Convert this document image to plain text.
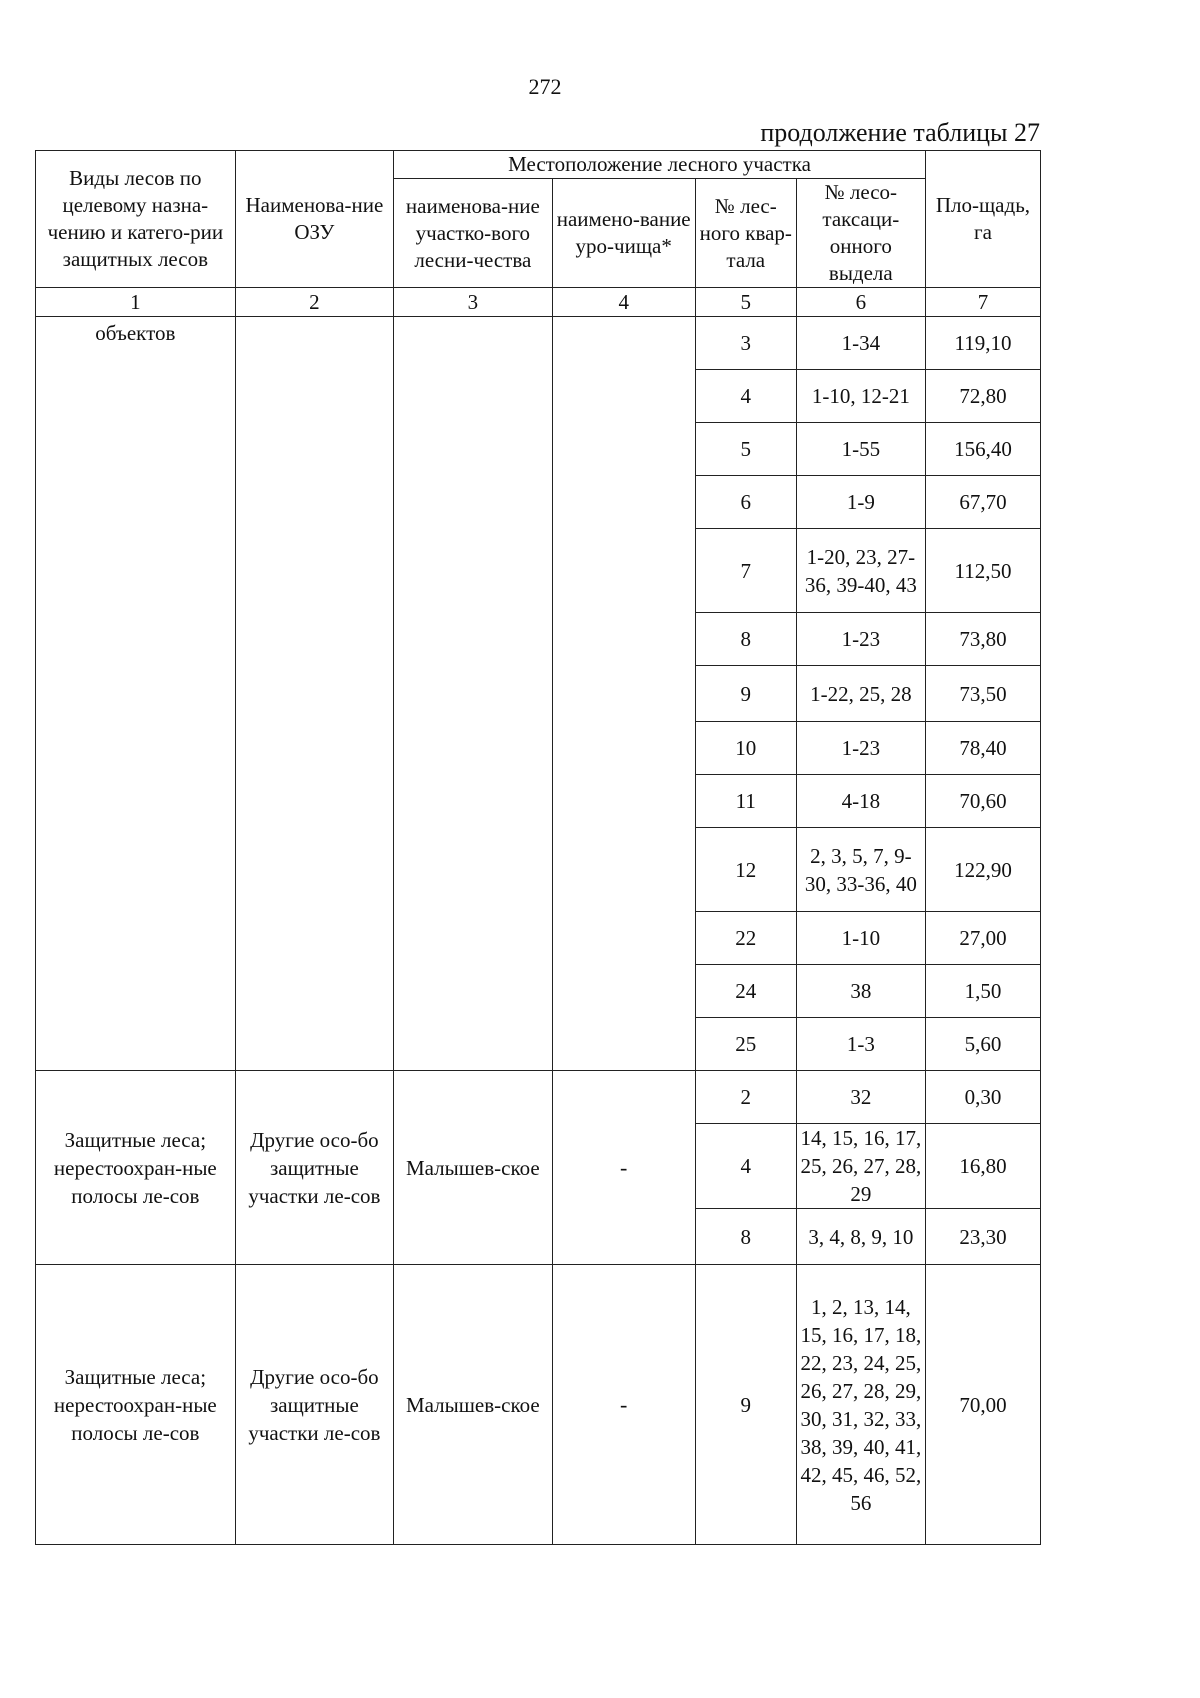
272
продолжение таблицы 27
Виды лесов по целевому назна-чению и катего-рии защитных лесов	Наименова-ние ОЗУ	Местоположение лесного участка				Пло-щадь, га
		наименова-ние участко-вого лесни-чества	наимено-вание уро-чища*	№ лес-ного квар-тала	№ лесо-таксаци-онного выдела	
1	2	3	4	5	6	7
объектов				3	1-34	119,10
				4	1-10, 12-21	72,80
				5	1-55	156,40
				6	1-9	67,70
				7	1-20, 23, 27-36, 39-40, 43	112,50
				8	1-23	73,80
				9	1-22, 25, 28	73,50
				10	1-23	78,40
				11	4-18	70,60
				12	2, 3, 5, 7, 9-30, 33-36, 40	122,90
				22	1-10	27,00
				24	38	1,50
				25	1-3	5,60
Защитные леса; нерестоохран-ные полосы ле-сов	Другие осо-бо защитные участки ле-сов	Малышев-ское	-	2	32	0,30
				4	14, 15, 16, 17, 25, 26, 27, 28, 29	16,80
				8	3, 4, 8, 9, 10	23,30
Защитные леса; нерестоохран-ные полосы ле-сов	Другие осо-бо защитные участки ле-сов	Малышев-ское	-	9	1, 2, 13, 14, 15, 16, 17, 18, 22, 23, 24, 25, 26, 27, 28, 29, 30, 31, 32, 33, 38, 39, 40, 41, 42, 45, 46, 52, 56	70,00
